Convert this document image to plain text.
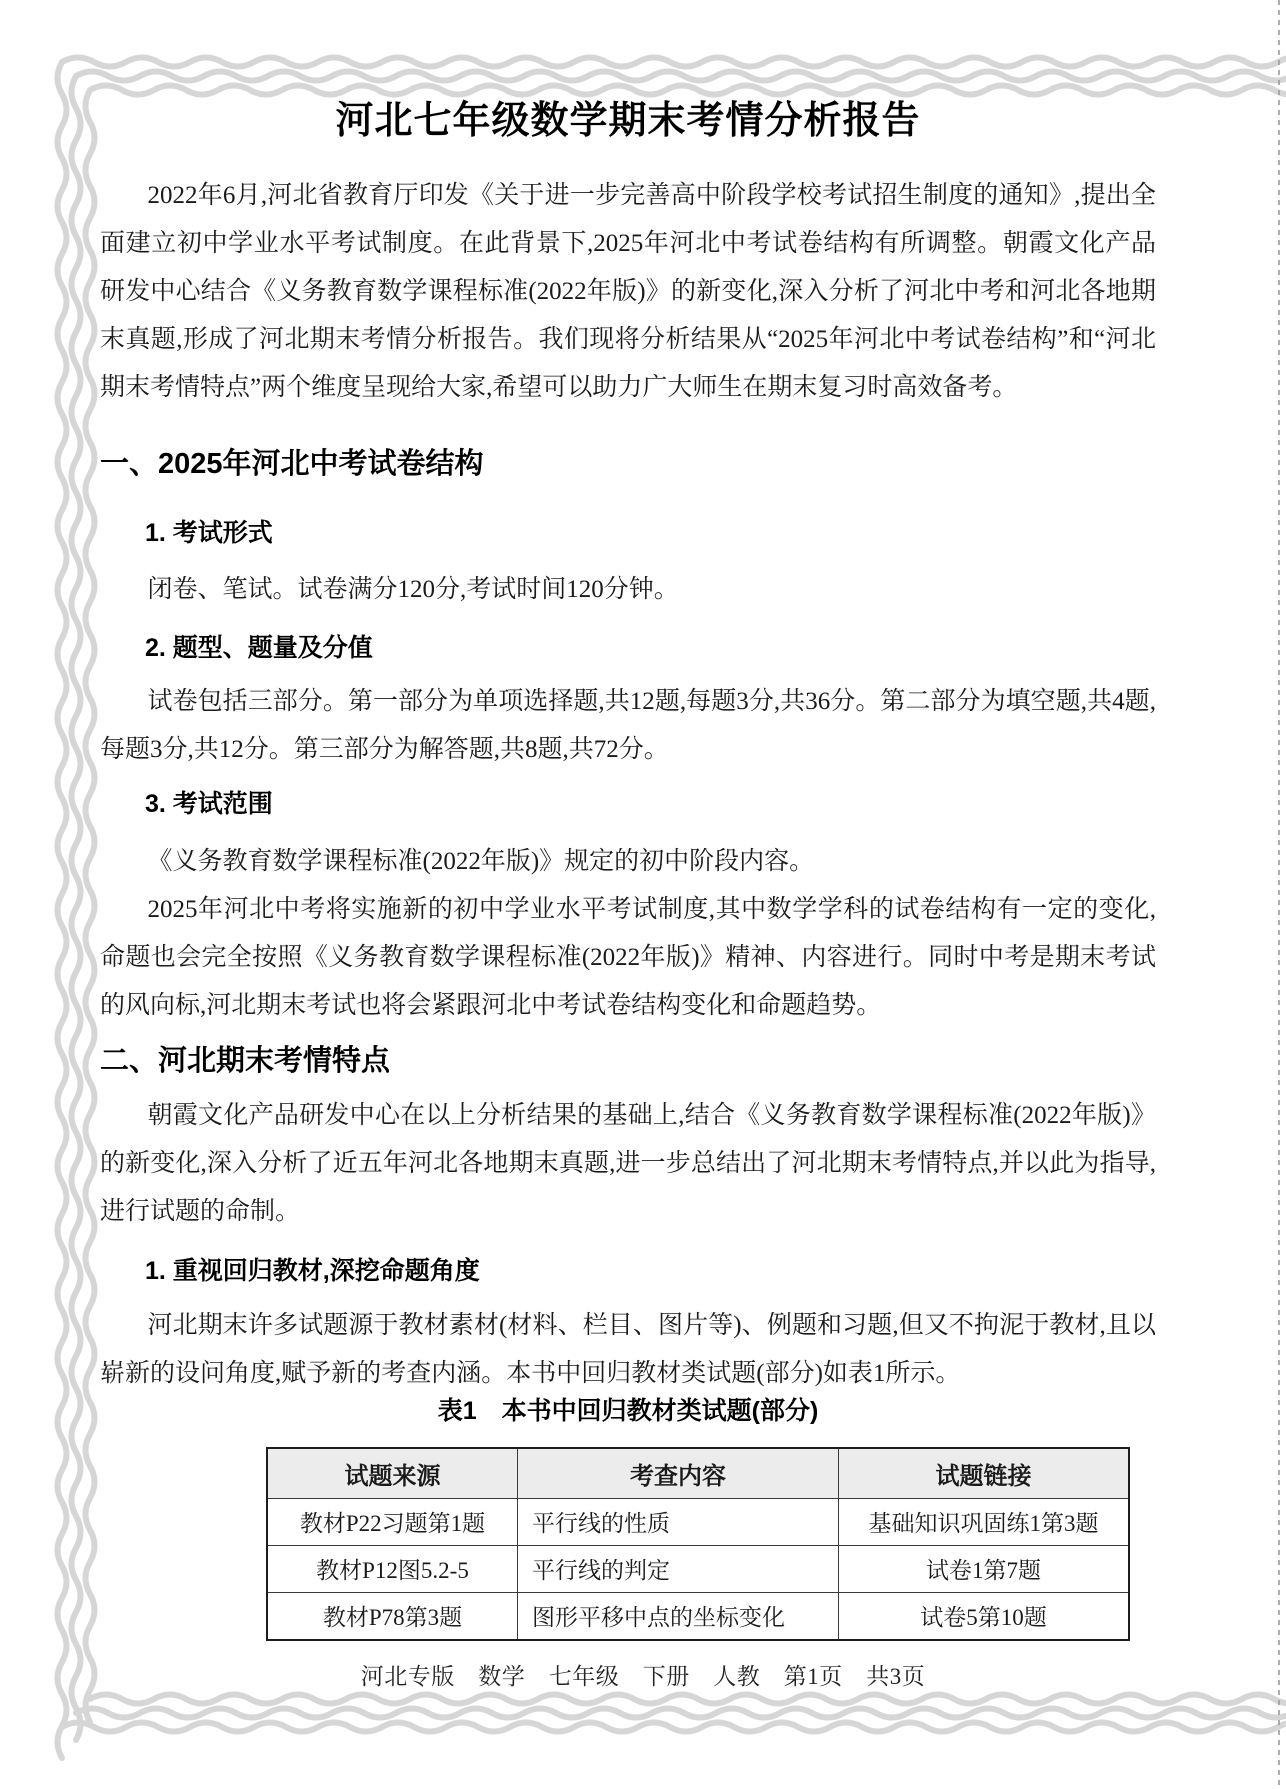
河北七年级数学期末考情分析报告
2022年6月,河北省教育厅印发《关于进一步完善高中阶段学校考试招生制度的通知》,提出全面建立初中学业水平考试制度。在此背景下,2025年河北中考试卷结构有所调整。朝霞文化产品研发中心结合《义务教育数学课程标准(2022年版)》的新变化,深入分析了河北中考和河北各地期末真题,形成了河北期末考情分析报告。我们现将分析结果从“2025年河北中考试卷结构”和“河北期末考情特点”两个维度呈现给大家,希望可以助力广大师生在期末复习时高效备考。
一、2025年河北中考试卷结构
1. 考试形式
闭卷、笔试。试卷满分120分,考试时间120分钟。
2. 题型、题量及分值
试卷包括三部分。第一部分为单项选择题,共12题,每题3分,共36分。第二部分为填空题,共4题,每题3分,共12分。第三部分为解答题,共8题,共72分。
3. 考试范围
《义务教育数学课程标准(2022年版)》规定的初中阶段内容。
2025年河北中考将实施新的初中学业水平考试制度,其中数学学科的试卷结构有一定的变化,命题也会完全按照《义务教育数学课程标准(2022年版)》精神、内容进行。同时中考是期末考试的风向标,河北期末考试也将会紧跟河北中考试卷结构变化和命题趋势。
二、河北期末考情特点
朝霞文化产品研发中心在以上分析结果的基础上,结合《义务教育数学课程标准(2022年版)》的新变化,深入分析了近五年河北各地期末真题,进一步总结出了河北期末考情特点,并以此为指导,进行试题的命制。
1. 重视回归教材,深挖命题角度
河北期末许多试题源于教材素材(材料、栏目、图片等)、例题和习题,但又不拘泥于教材,且以崭新的设问角度,赋予新的考查内涵。本书中回归教材类试题(部分)如表1所示。
表1　本书中回归教材类试题(部分)
试题来源	考查内容	试题链接
教材P22习题第1题	平行线的性质	基础知识巩固练1第3题
教材P12图5.2-5	平行线的判定	试卷1第7题
教材P78第3题	图形平移中点的坐标变化	试卷5第10题
河北专版　数学　七年级　下册　人教　第1页　共3页
